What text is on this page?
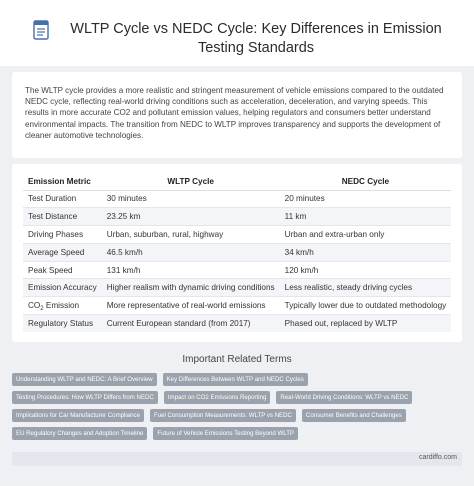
WLTP Cycle vs NEDC Cycle: Key Differences in Emission Testing Standards

The WLTP cycle provides a more realistic and stringent measurement of vehicle emissions compared to the outdated NEDC cycle, reflecting real-world driving conditions such as acceleration, deceleration, and varying speeds. This results in more accurate CO2 and pollutant emission values, helping regulators and consumers better understand environmental impacts. The transition from NEDC to WLTP improves transparency and supports the development of cleaner automotive technologies.

Emission Metric	WLTP Cycle	NEDC Cycle
Test Duration	30 minutes	20 minutes
Test Distance	23.25 km	11 km
Driving Phases	Urban, suburban, rural, highway	Urban and extra-urban only
Average Speed	46.5 km/h	34 km/h
Peak Speed	131 km/h	120 km/h
Emission Accuracy	Higher realism with dynamic driving conditions	Less realistic, steady driving cycles
$CO_2$ Emission	More representative of real-world emissions	Typically lower due to outdated methodology
Regulatory Status	Current European standard (from 2017)	Phased out, replaced by WLTP
Important Related Terms
Understanding WLTP and NEDC: A Brief Overview	Key Differences Between WLTP and NEDC Cycles
Testing Procedures: How WLTP Differs from NEDC	Impact on CO2 Emissions Reporting	Real-World Driving Conditions: WLTP vs NEDC
Implications for Car Manufacturer Compliance	Fuel Consumption Measurements: WLTP vs NEDC	Consumer Benefits and Challenges
EU Regulatory Changes and Adoption Timeline	Future of Vehicle Emissions Testing Beyond WLTP
cardiffo.com
